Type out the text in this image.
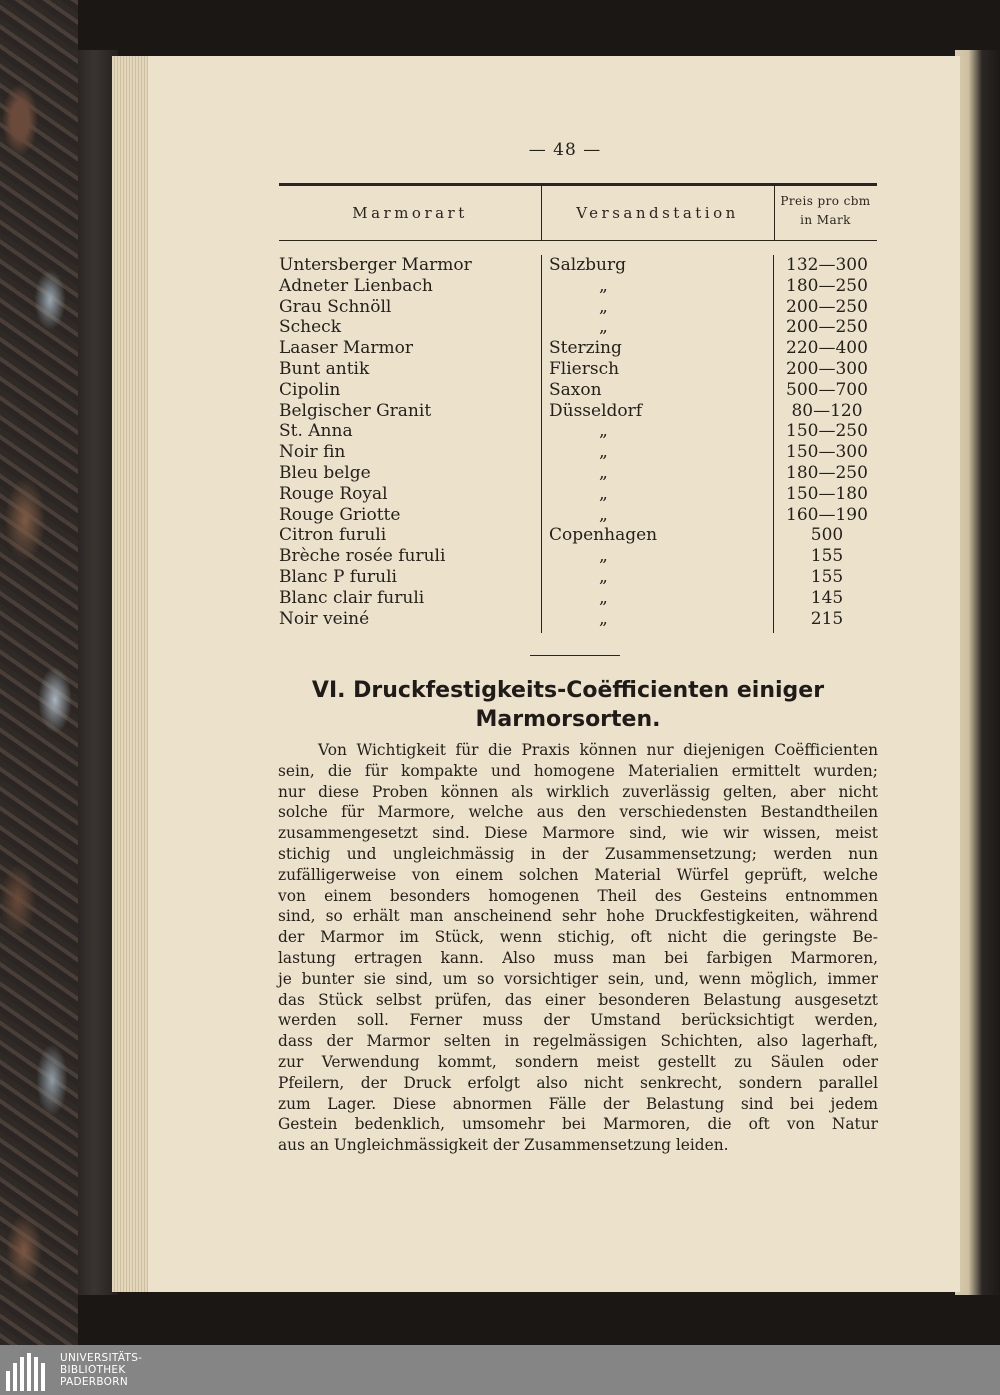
— 48 —
Marmorart	Versandstation
Preis pro cbm
in Mark
Untersberger Marmor	Salzburg	132—300
Adneter Lienbach	„	180—250
Grau Schnöll	„	200—250
Scheck	„	200—250
Laaser Marmor	Sterzing	220—400
Bunt antik	Fliersch	200—300
Cipolin	Saxon	500—700
Belgischer Granit	Düsseldorf	80—120
St. Anna	„	150—250
Noir fin	„	150—300
Bleu belge	„	180—250
Rouge Royal	„	150—180
Rouge Griotte	„	160—190
Citron furuli	Copenhagen	500
Brèche rosée furuli	„	155
Blanc P furuli	„	155
Blanc clair furuli	„	145
Noir veiné	„	215
VI. Druckfestigkeits-Coëfficienten einiger
Marmorsorten.
Von Wichtigkeit für die Praxis können nur diejenigen Coëfficienten
sein, die für kompakte und homogene Materialien ermittelt wurden;
nur diese Proben können als wirklich zuverlässig gelten, aber nicht
solche für Marmore, welche aus den verschiedensten Bestandtheilen
zusammengesetzt sind. Diese Marmore sind, wie wir wissen, meist
stichig und ungleichmässig in der Zusammensetzung; werden nun
zufälligerweise von einem solchen Material Würfel geprüft, welche
von einem besonders homogenen Theil des Gesteins entnommen
sind, so erhält man anscheinend sehr hohe Druckfestigkeiten, während
der Marmor im Stück, wenn stichig, oft nicht die geringste Be-
lastung ertragen kann. Also muss man bei farbigen Marmoren,
je bunter sie sind, um so vorsichtiger sein, und, wenn möglich, immer
das Stück selbst prüfen, das einer besonderen Belastung ausgesetzt
werden soll. Ferner muss der Umstand berücksichtigt werden,
dass der Marmor selten in regelmässigen Schichten, also lagerhaft,
zur Verwendung kommt, sondern meist gestellt zu Säulen oder
Pfeilern, der Druck erfolgt also nicht senkrecht, sondern parallel
zum Lager. Diese abnormen Fälle der Belastung sind bei jedem
Gestein bedenklich, umsomehr bei Marmoren, die oft von Natur
aus an Ungleichmässigkeit der Zusammensetzung leiden.
UNIVERSITÄTS-
BIBLIOTHEK
PADERBORN
